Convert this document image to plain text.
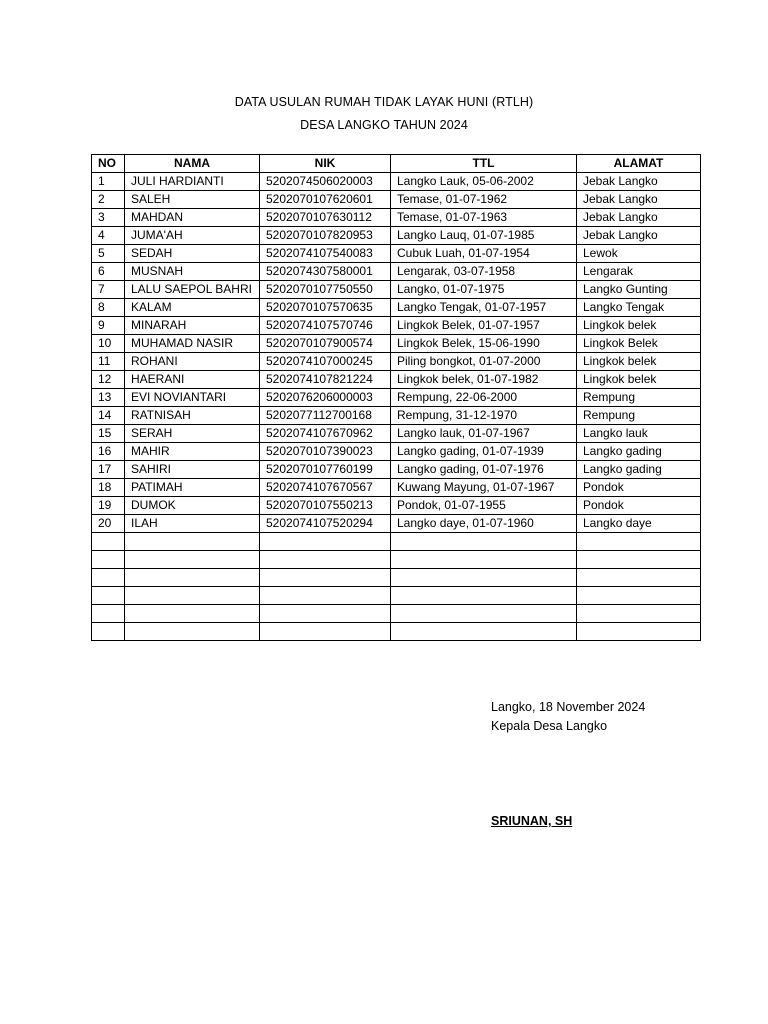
DATA USULAN RUMAH TIDAK LAYAK HUNI (RTLH)
DESA LANGKO TAHUN 2024
NO	NAMA	NIK	TTL	ALAMAT
1	JULI HARDIANTI	5202074506020003	Langko Lauk, 05-06-2002	Jebak Langko
2	SALEH	5202070107620601	Temase, 01-07-1962	Jebak Langko
3	MAHDAN	5202070107630112	Temase, 01-07-1963	Jebak Langko
4	JUMA'AH	5202070107820953	Langko Lauq, 01-07-1985	Jebak Langko
5	SEDAH	5202074107540083	Cubuk Luah, 01-07-1954	Lewok
6	MUSNAH	5202074307580001	Lengarak, 03-07-1958	Lengarak
7	LALU SAEPOL BAHRI	5202070107750550	Langko, 01-07-1975	Langko Gunting
8	KALAM	5202070107570635	Langko Tengak, 01-07-1957	Langko Tengak
9	MINARAH	5202074107570746	Lingkok Belek, 01-07-1957	Lingkok belek
10	MUHAMAD NASIR	5202070107900574	Lingkok Belek, 15-06-1990	Lingkok Belek
11	ROHANI	5202074107000245	Piling bongkot, 01-07-2000	Lingkok belek
12	HAERANI	5202074107821224	Lingkok belek, 01-07-1982	Lingkok belek
13	EVI NOVIANTARI	5202076206000003	Rempung, 22-06-2000	Rempung
14	RATNISAH	5202077112700168	Rempung, 31-12-1970	Rempung
15	SERAH	5202074107670962	Langko lauk, 01-07-1967	Langko lauk
16	MAHIR	5202070107390023	Langko gading, 01-07-1939	Langko gading
17	SAHIRI	5202070107760199	Langko gading, 01-07-1976	Langko gading
18	PATIMAH	5202074107670567	Kuwang Mayung, 01-07-1967	Pondok
19	DUMOK	5202070107550213	Pondok, 01-07-1955	Pondok
20	ILAH	5202074107520294	Langko daye, 01-07-1960	Langko daye

Langko, 18 November 2024
Kepala Desa Langko
SRIUNAN, SH
